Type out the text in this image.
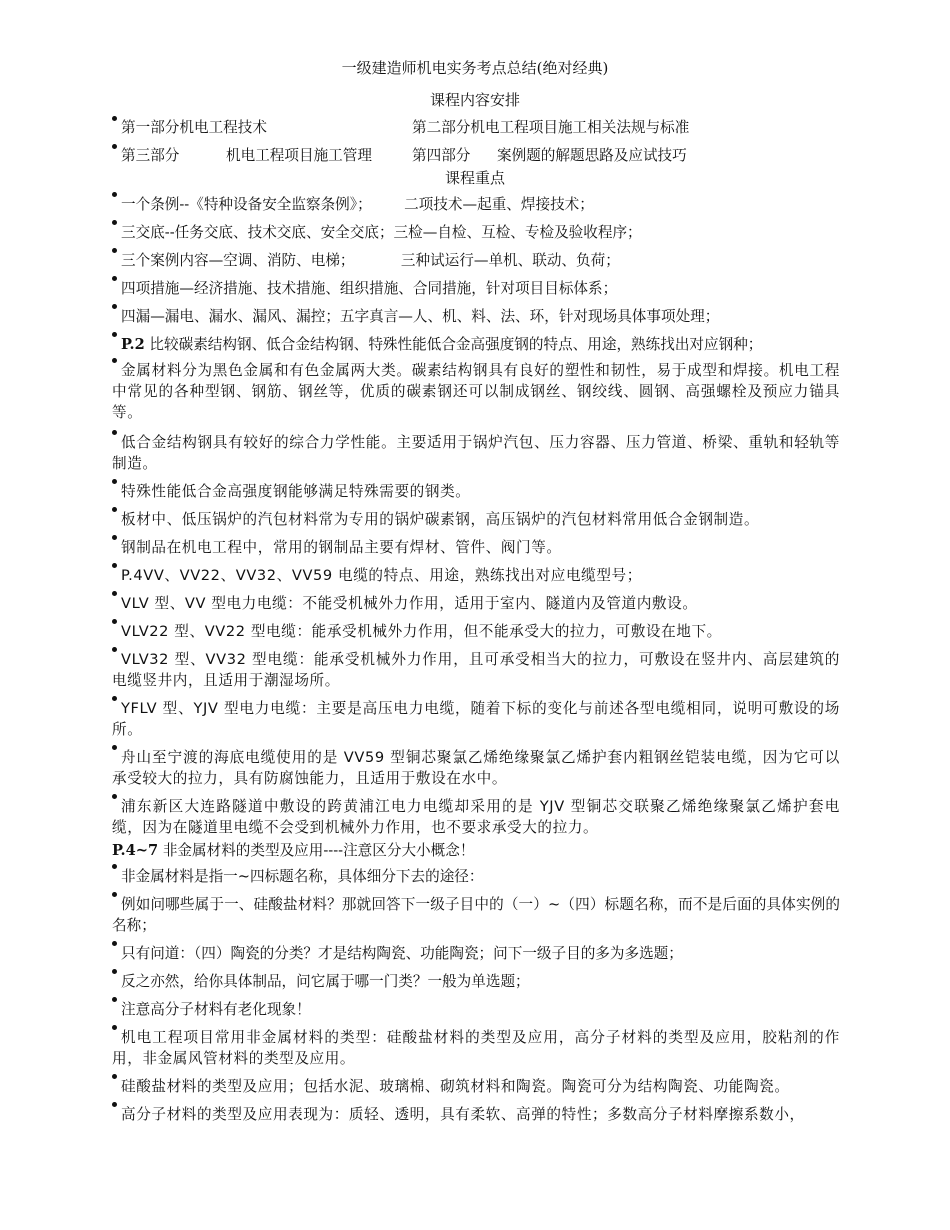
一级建造师机电实务考点总结(绝对经典)
课程内容安排
第一部分机电工程技术	第二部分机电工程项目施工相关法规与标准
第三部分	机电工程项目施工管理	第四部分 案例题的解题思路及应试技巧
课程重点
一个条例--《特种设备安全监察条例》；       二项技术—起重、焊接技术；
三交底--任务交底、技术交底、安全交底；三检—自检、互检、专检及验收程序；
三个案例内容—空调、消防、电梯；          三种试运行—单机、联动、负荷；
四项措施—经济措施、技术措施、组织措施、合同措施，针对项目目标体系；
四漏—漏电、漏水、漏风、漏控；五字真言—人、机、料、法、环，针对现场具体事项处理；
P.2 比较碳素结构钢、低合金结构钢、特殊性能低合金高强度钢的特点、用途，熟练找出对应钢种；
金属材料分为黑色金属和有色金属两大类。碳素结构钢具有良好的塑性和韧性，易于成型和焊接。机电工程中常见的各种型钢、钢筋、钢丝等，优质的碳素钢还可以制成钢丝、钢绞线、圆钢、高强螺栓及预应力锚具等。
低合金结构钢具有较好的综合力学性能。主要适用于锅炉汽包、压力容器、压力管道、桥梁、重轨和轻轨等制造。
特殊性能低合金高强度钢能够满足特殊需要的钢类。
板材中、低压锅炉的汽包材料常为专用的锅炉碳素钢，高压锅炉的汽包材料常用低合金钢制造。
钢制品在机电工程中，常用的钢制品主要有焊材、管件、阀门等。
P.4VV、VV22、VV32、VV59 电缆的特点、用途，熟练找出对应电缆型号；
VLV 型、VV 型电力电缆：不能受机械外力作用，适用于室内、隧道内及管道内敷设。
VLV22 型、VV22 型电缆：能承受机械外力作用，但不能承受大的拉力，可敷设在地下。
VLV32 型、VV32 型电缆：能承受机械外力作用，且可承受相当大的拉力，可敷设在竖井内、高层建筑的电缆竖井内，且适用于潮湿场所。
YFLV 型、YJV 型电力电缆：主要是高压电力电缆，随着下标的变化与前述各型电缆相同，说明可敷设的场所。
舟山至宁渡的海底电缆使用的是 VV59 型铜芯聚氯乙烯绝缘聚氯乙烯护套内粗钢丝铠装电缆，因为它可以承受较大的拉力，具有防腐蚀能力，且适用于敷设在水中。
浦东新区大连路隧道中敷设的跨黄浦江电力电缆却采用的是 YJV 型铜芯交联聚乙烯绝缘聚氯乙烯护套电缆，因为在隧道里电缆不会受到机械外力作用，也不要求承受大的拉力。
P.4~7 非金属材料的类型及应用----注意区分大小概念！
非金属材料是指一~四标题名称，具体细分下去的途径：
例如问哪些属于一、硅酸盐材料？那就回答下一级子目中的（一）~（四）标题名称，而不是后面的具体实例的名称；
只有问道：（四）陶瓷的分类？才是结构陶瓷、功能陶瓷；问下一级子目的多为多选题；
反之亦然，给你具体制品，问它属于哪一门类？一般为单选题；
注意高分子材料有老化现象！
机电工程项目常用非金属材料的类型：硅酸盐材料的类型及应用，高分子材料的类型及应用，胶粘剂的作用，非金属风管材料的类型及应用。
硅酸盐材料的类型及应用；包括水泥、玻璃棉、砌筑材料和陶瓷。陶瓷可分为结构陶瓷、功能陶瓷。
高分子材料的类型及应用表现为：质轻、透明，具有柔软、高弹的特性；多数高分子材料摩擦系数小，
